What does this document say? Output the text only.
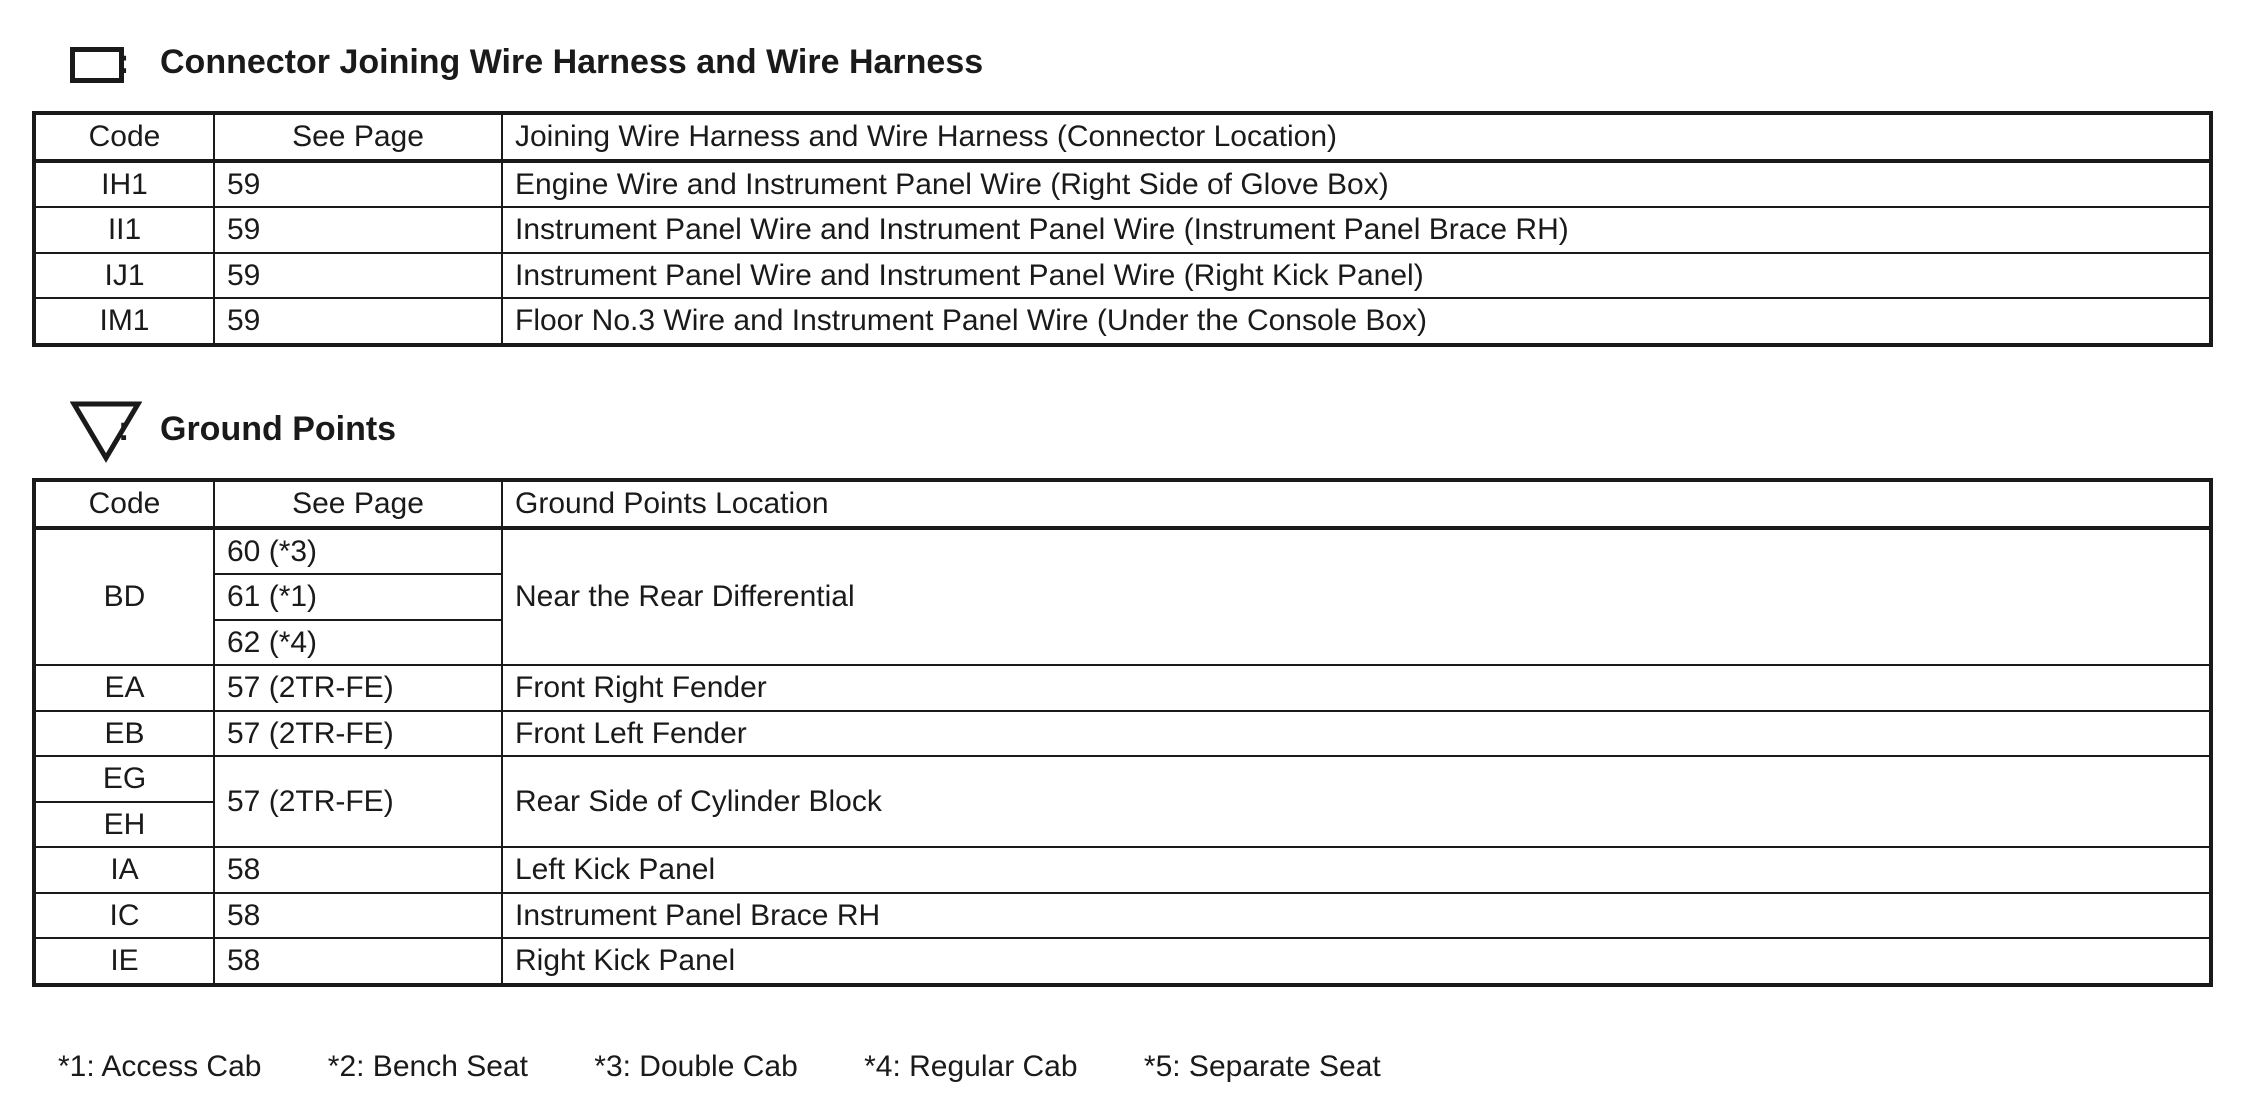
: Connector Joining Wire Harness and Wire Harness
Code	See Page	Joining Wire Harness and Wire Harness (Connector Location)
IH1	59	Engine Wire and Instrument Panel Wire (Right Side of Glove Box)
II1	59	Instrument Panel Wire and Instrument Panel Wire (Instrument Panel Brace RH)
IJ1	59	Instrument Panel Wire and Instrument Panel Wire (Right Kick Panel)
IM1	59	Floor No.3 Wire and Instrument Panel Wire (Under the Console Box)
: Ground Points
Code	See Page	Ground Points Location
BD	60 (*3)	Near the Rear Differential
	61 (*1)	
	62 (*4)	
EA	57 (2TR-FE)	Front Right Fender
EB	57 (2TR-FE)	Front Left Fender
EG	57 (2TR-FE)	Rear Side of Cylinder Block
EH		
IA	58	Left Kick Panel
IC	58	Instrument Panel Brace RH
IE	58	Right Kick Panel
*1: Access Cab *2: Bench Seat *3: Double Cab *4: Regular Cab *5: Separate Seat
